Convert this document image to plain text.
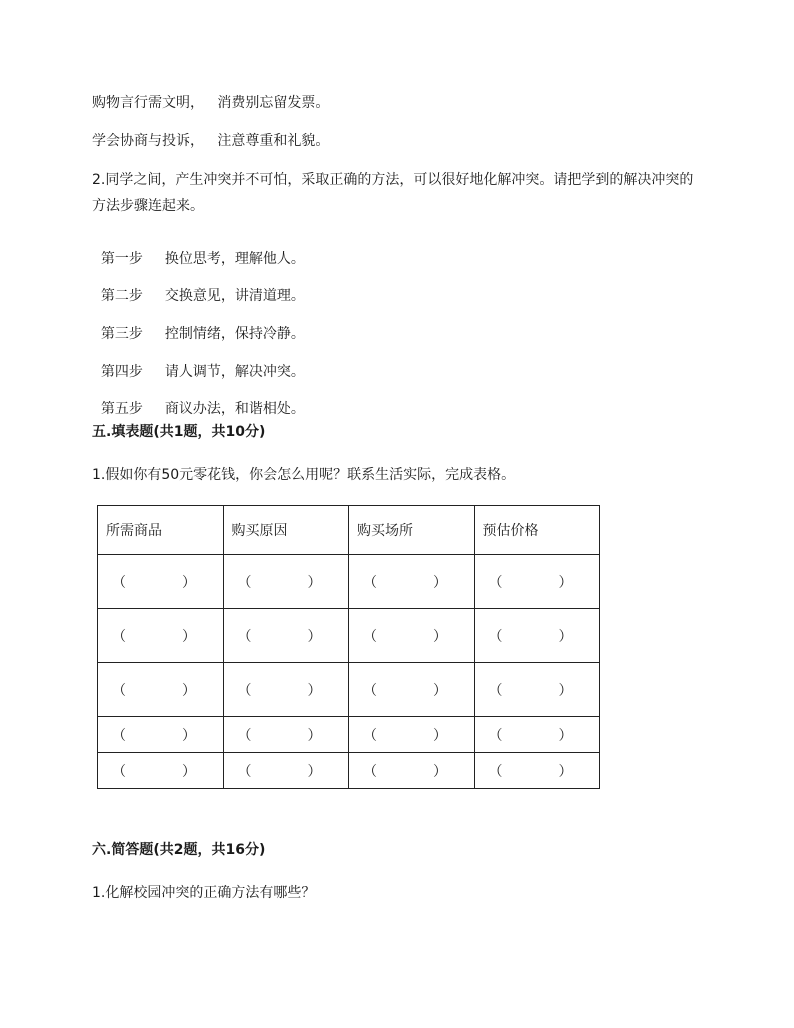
购物言行需文明，   消费别忘留发票。
学会协商与投诉，   注意尊重和礼貌。
2.同学之间，产生冲突并不可怕，采取正确的方法，可以很好地化解冲突。请把学到的解决冲突的方法步骤连起来。

第一步 换位思考，理解他人。

第二步 交换意见，讲清道理。

第三步 控制情绪，保持冷静。

第四步 请人调节，解决冲突。

第五步 商议办法，和谐相处。

五.填表题(共1题，共10分)
1.假如你有50元零花钱，你会怎么用呢？联系生活实际，完成表格。
所需商品	购买原因	购买场所	预估价格

（ ）	（ ）	（ ）	（ ）

（ ）	（ ）	（ ）	（ ）

（ ）	（ ）	（ ）	（ ）

（ ）	（ ）	（ ）	（ ）

（ ）	（ ）	（ ）	（ ）
六.简答题(共2题，共16分)
1.化解校园冲突的正确方法有哪些？
